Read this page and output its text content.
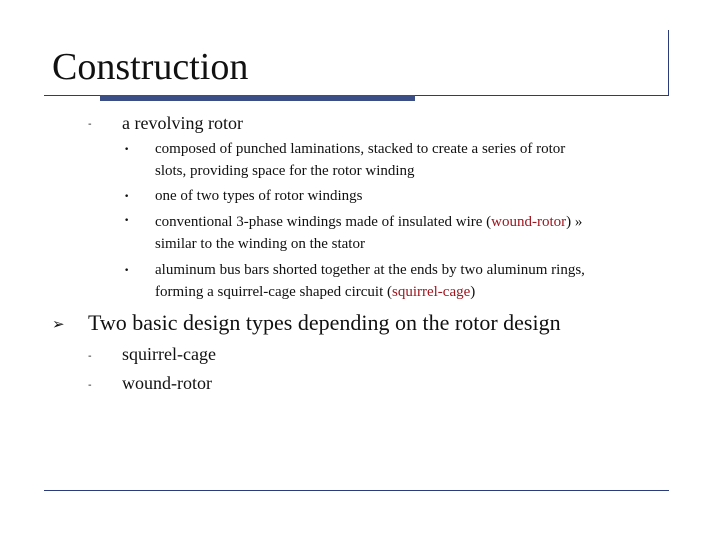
Construction
- a revolving rotor
• composed of punched laminations, stacked to create a series of rotor
slots, providing space for the rotor winding
• one of two types of rotor windings
• conventional 3-phase windings made of insulated wire (wound-rotor) »
similar to the winding on the stator
• aluminum bus bars shorted together at the ends by two aluminum rings,
forming a squirrel-cage shaped circuit (squirrel-cage)
➢ Two basic design types depending on the rotor design
- squirrel-cage
- wound-rotor
